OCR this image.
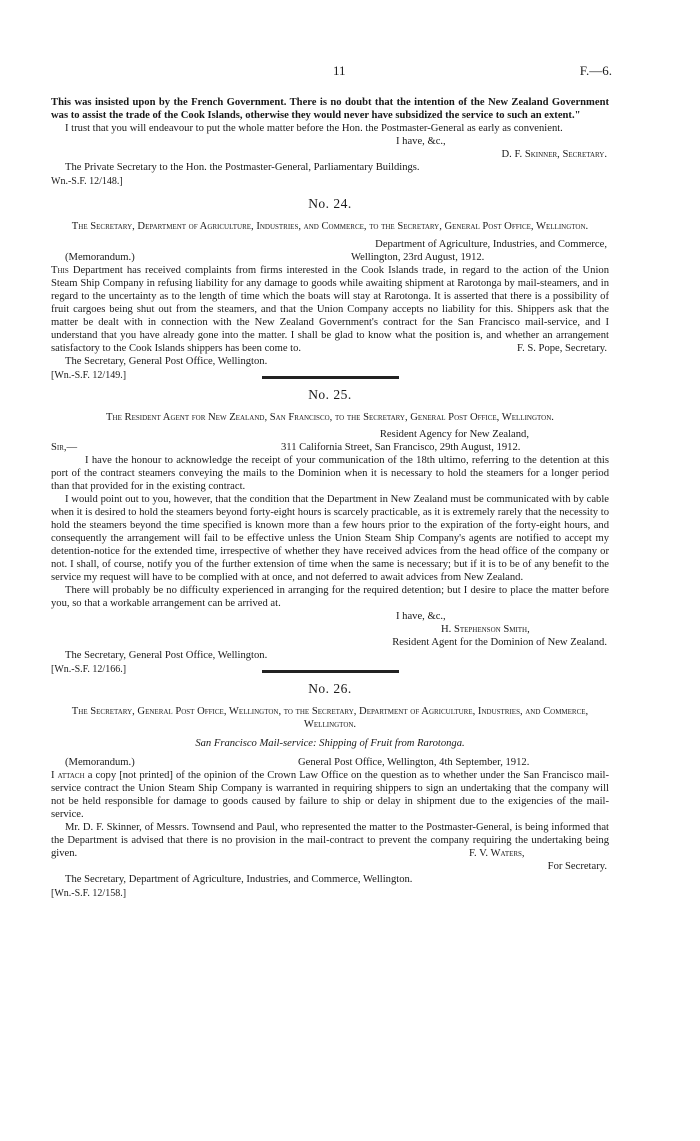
11	F.—6.

This was insisted upon by the French Government. There is no doubt that the intention of the New Zealand Government was to assist the trade of the Cook Islands, otherwise they would never have subsidized the service to such an extent."

I trust that you will endeavour to put the whole matter before the Hon. the Postmaster-General as early as convenient.

I have, &c.,

D. F. Skinner, Secretary.

The Private Secretary to the Hon. the Postmaster-General, Parliamentary Buildings.

Wn.-S.F. 12/148.]

No. 24.

The Secretary, Department of Agriculture, Industries, and Commerce, to the Secretary, General Post Office, Wellington.

Department of Agriculture, Industries, and Commerce,

(Memorandum.)	Wellington, 23rd August, 1912.

This Department has received complaints from firms interested in the Cook Islands trade, in regard to the action of the Union Steam Ship Company in refusing liability for any damage to goods while awaiting shipment at Rarotonga by mail-steamers, and in regard to the uncertainty as to the length of time which the boats will stay at Rarotonga. It is asserted that there is a possibility of fruit cargoes being shut out from the steamers, and that the Union Company accepts no liability for this. Shippers ask that the matter be dealt with in connection with the New Zealand Government's contract for the San Francisco mail-service, and I understand that you have already gone into the matter. I shall be glad to know what the position is, and whether an arrangement satisfactory to the Cook Islands shippers has been come to.	F. S. Pope, Secretary.

The Secretary, General Post Office, Wellington.

[Wn.-S.F. 12/149.]

No. 25.

The Resident Agent for New Zealand, San Francisco, to the Secretary, General Post Office, Wellington.

Resident Agency for New Zealand,

Sir,—	311 California Street, San Francisco, 29th August, 1912.

I have the honour to acknowledge the receipt of your communication of the 18th ultimo, referring to the detention at this port of the contract steamers conveying the mails to the Dominion when it is necessary to hold the steamers for a longer period than that provided for in the existing contract.

I would point out to you, however, that the condition that the Department in New Zealand must be communicated with by cable when it is desired to hold the steamers beyond forty-eight hours is scarcely practicable, as it is extremely rarely that the necessity to hold the steamers beyond the time specified is known more than a few hours prior to the expiration of the forty-eight hours, and consequently the arrangement will fail to be effective unless the Union Steam Ship Company's agents are notified to accept my detention-notice for the extended time, irrespective of whether they have received advices from the head office of the company or not. I shall, of course, notify you of the further extension of time when the same is necessary; but if it is to be of any benefit to the service my request will have to be complied with at once, and not deferred to await advices from New Zealand.

There will probably be no difficulty experienced in arranging for the required detention; but I desire to place the matter before you, so that a workable arrangement can be arrived at.

I have, &c.,
H. Stephenson Smith,

Resident Agent for the Dominion of New Zealand.

The Secretary, General Post Office, Wellington.

[Wn.-S.F. 12/166.]

No. 26.

The Secretary, General Post Office, Wellington, to the Secretary, Department of Agriculture, Industries, and Commerce, Wellington.

San Francisco Mail-service: Shipping of Fruit from Rarotonga.

(Memorandum.)	General Post Office, Wellington, 4th September, 1912.

I attach a copy [not printed] of the opinion of the Crown Law Office on the question as to whether under the San Francisco mail-service contract the Union Steam Ship Company is warranted in requiring shippers to sign an undertaking that the company will not be held responsible for damage to goods caused by failure to ship or delay in shipment due to the exigencies of the mail-service.

Mr. D. F. Skinner, of Messrs. Townsend and Paul, who represented the matter to the Postmaster-General, is being informed that the Department is advised that there is no provision in the mail-contract to prevent the company requiring the undertaking being given.	F. V. Waters,

For Secretary.

The Secretary, Department of Agriculture, Industries, and Commerce, Wellington.

[Wn.-S.F. 12/158.]
